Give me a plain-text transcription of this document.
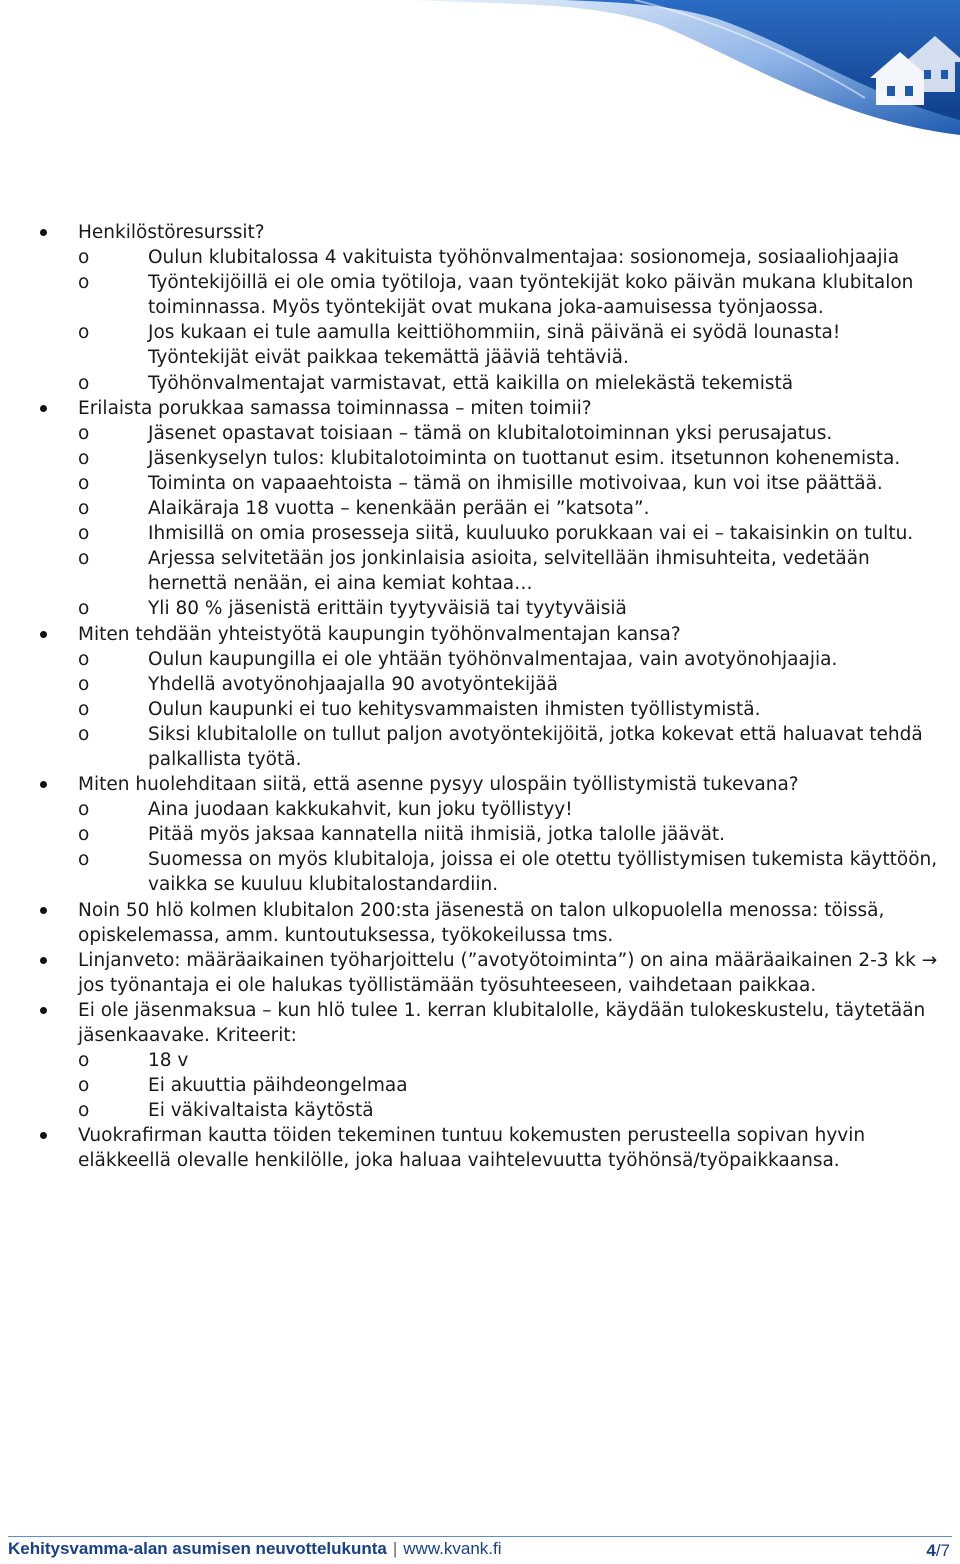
Henkilöstöresurssit?
o Oulun klubitalossa 4 vakituista työhönvalmentajaa: sosionomeja, sosiaaliohjaajia
o Työntekijöillä ei ole omia työtiloja, vaan työntekijät koko päivän mukana klubitalon toiminnassa. Myös työntekijät ovat mukana joka-aamuisessa työnjaossa.
o Jos kukaan ei tule aamulla keittiöhommiin, sinä päivänä ei syödä lounasta! Työntekijät eivät paikkaa tekemättä jääviä tehtäviä.
o Työhönvalmentajat varmistavat, että kaikilla on mielekästä tekemistä
Erilaista porukkaa samassa toiminnassa – miten toimii?
o Jäsenet opastavat toisiaan – tämä on klubitalotoiminnan yksi perusajatus.
o Jäsenkyselyn tulos: klubitalotoiminta on tuottanut esim. itsetunnon kohenemista.
o Toiminta on vapaaehtoista – tämä on ihmisille motivoivaa, kun voi itse päättää.
o Alaikäraja 18 vuotta – kenenkään perään ei ”katsota”.
o Ihmisillä on omia prosesseja siitä, kuuluuko porukkaan vai ei – takaisinkin on tultu.
o Arjessa selvitetään jos jonkinlaisia asioita, selvitellään ihmisuhteita, vedetään hernettä nenään, ei aina kemiat kohtaa…
o Yli 80 % jäsenistä erittäin tyytyväisiä tai tyytyväisiä
Miten tehdään yhteistyötä kaupungin työhönvalmentajan kansa?
o Oulun kaupungilla ei ole yhtään työhönvalmentajaa, vain avotyönohjaajia.
o Yhdellä avotyönohjaajalla 90 avotyöntekijää
o Oulun kaupunki ei tuo kehitysvammaisten ihmisten työllistymistä.
o Siksi klubitalolle on tullut paljon avotyöntekijöitä, jotka kokevat että haluavat tehdä palkallista työtä.
Miten huolehditaan siitä, että asenne pysyy ulospäin työllistymistä tukevana?
o Aina juodaan kakkukahvit, kun joku työllistyy!
o Pitää myös jaksaa kannatella niitä ihmisiä, jotka talolle jäävät.
o Suomessa on myös klubitaloja, joissa ei ole otettu työllistymisen tukemista käyttöön, vaikka se kuuluu klubitalostandardiin.
Noin 50 hlö kolmen klubitalon 200:sta jäsenestä on talon ulkopuolella menossa: töissä, opiskelemassa, amm. kuntoutuksessa, työkokeilussa tms.
Linjanveto: määräaikainen työharjoittelu (”avotyötoiminta”) on aina määräaikainen 2-3 kk → jos työnantaja ei ole halukas työllistämään työsuhteeseen, vaihdetaan paikkaa.
Ei ole jäsenmaksua – kun hlö tulee 1. kerran klubitalolle, käydään tulokeskustelu, täytetään jäsenkaavake. Kriteerit:
o 18 v
o Ei akuuttia päihdeongelmaa
o Ei väkivaltaista käytöstä
Vuokrafirman kautta töiden tekeminen tuntuu kokemusten perusteella sopivan hyvin eläkkeellä olevalle henkilölle, joka haluaa vaihtelevuutta työhönsä/työpaikkaansa.
Kehitysvamma-alan asumisen neuvottelukunta | www.kvank.fi	4/7
